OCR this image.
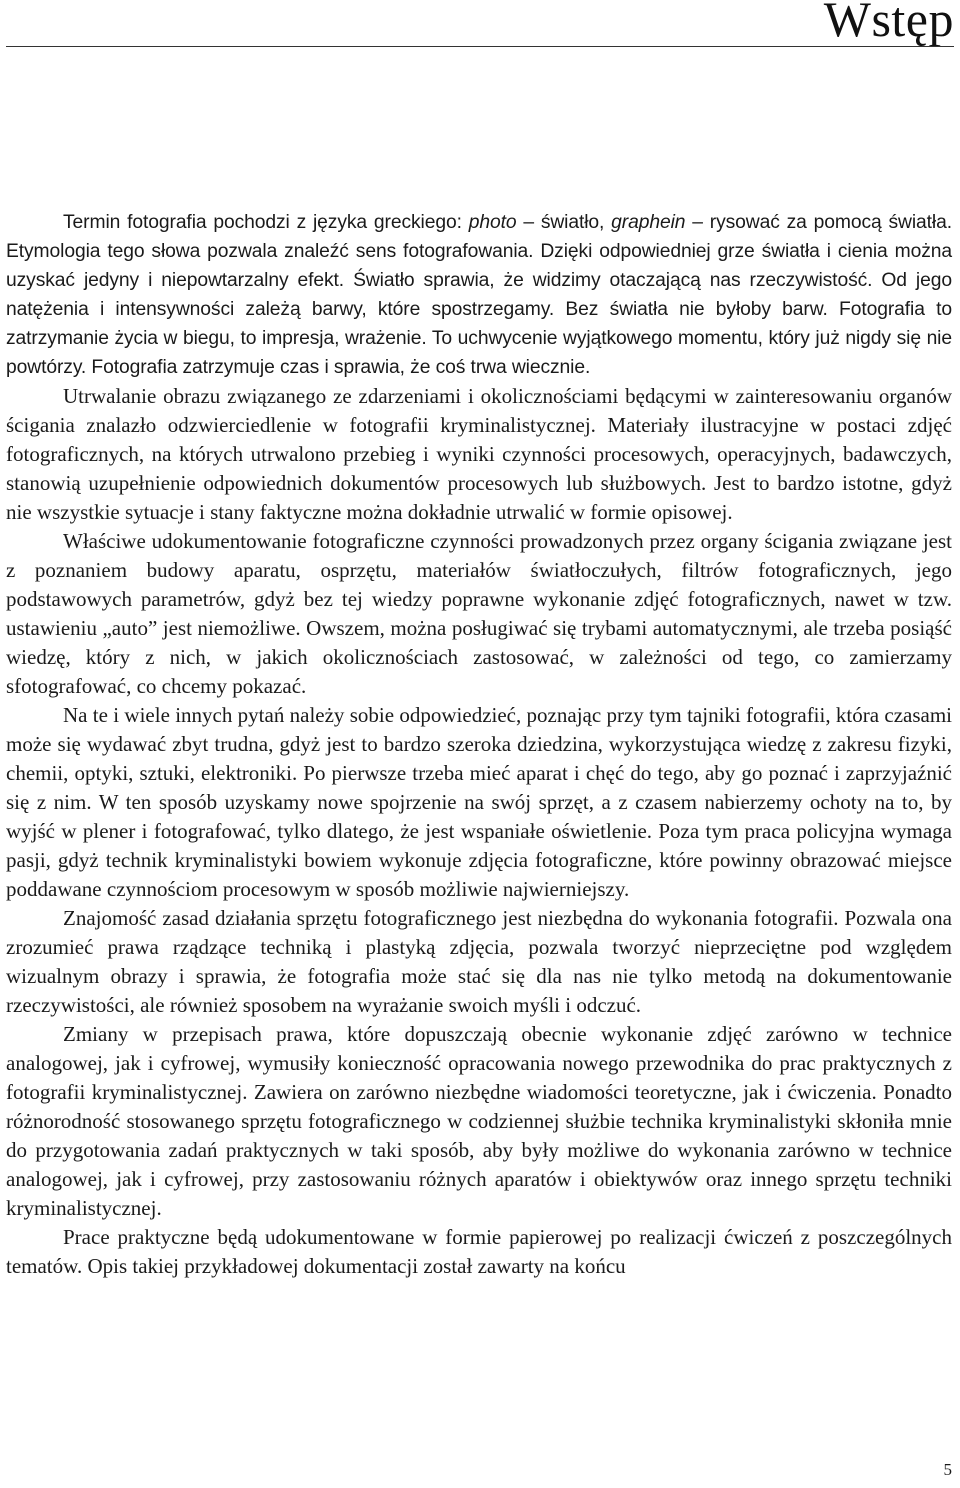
Wstęp

Termin fotografia pochodzi z języka greckiego: photo – światło, graphein – rysować za pomocą światła. Etymologia tego słowa pozwala znaleźć sens fotografowania. Dzięki odpowiedniej grze światła i cienia można uzyskać jedyny i niepowtarzalny efekt. Światło sprawia, że widzimy otaczającą nas rzeczywistość. Od jego natężenia i intensywności zależą barwy, które spostrzegamy. Bez światła nie byłoby barw. Fotografia to zatrzymanie życia w biegu, to impresja, wrażenie. To uchwycenie wyjątkowego momentu, który już nigdy się nie powtórzy. Fotografia zatrzymuje czas i sprawia, że coś trwa wiecznie.

Utrwalanie obrazu związanego ze zdarzeniami i okolicznościami będącymi w zainteresowaniu organów ścigania znalazło odzwierciedlenie w fotografii kryminalistycznej. Materiały ilustracyjne w postaci zdjęć fotograficznych, na których utrwalono przebieg i wyniki czynności procesowych, operacyjnych, badawczych, stanowią uzupełnienie odpowiednich dokumentów procesowych lub służbowych. Jest to bardzo istotne, gdyż nie wszystkie sytuacje i stany faktyczne można dokładnie utrwalić w formie opisowej.

Właściwe udokumentowanie fotograficzne czynności prowadzonych przez organy ścigania związane jest z poznaniem budowy aparatu, osprzętu, materiałów światłoczułych, filtrów fotograficznych, jego podstawowych parametrów, gdyż bez tej wiedzy poprawne wykonanie zdjęć fotograficznych, nawet w tzw. ustawieniu „auto” jest niemożliwe. Owszem, można posługiwać się trybami automatycznymi, ale trzeba posiąść wiedzę, który z nich, w jakich okolicznościach zastosować, w zależności od tego, co zamierzamy sfotografować, co chcemy pokazać.

Na te i wiele innych pytań należy sobie odpowiedzieć, poznając przy tym tajniki fotografii, która czasami może się wydawać zbyt trudna, gdyż jest to bardzo szeroka dziedzina, wykorzystująca wiedzę z zakresu fizyki, chemii, optyki, sztuki, elektroniki. Po pierwsze trzeba mieć aparat i chęć do tego, aby go poznać i zaprzyjaźnić się z nim. W ten sposób uzyskamy nowe spojrzenie na swój sprzęt, a z czasem nabierzemy ochoty na to, by wyjść w plener i fotografować, tylko dlatego, że jest wspaniałe oświetlenie. Poza tym praca policyjna wymaga pasji, gdyż technik kryminalistyki bowiem wykonuje zdjęcia fotograficzne, które powinny obrazować miejsce poddawane czynnościom procesowym w sposób możliwie najwierniejszy.

Znajomość zasad działania sprzętu fotograficznego jest niezbędna do wykonania fotografii. Pozwala ona zrozumieć prawa rządzące techniką i plastyką zdjęcia, pozwala tworzyć nieprzeciętne pod względem wizualnym obrazy i sprawia, że fotografia może stać się dla nas nie tylko metodą na dokumentowanie rzeczywistości, ale również sposobem na wyrażanie swoich myśli i odczuć.

Zmiany w przepisach prawa, które dopuszczają obecnie wykonanie zdjęć zarówno w technice analogowej, jak i cyfrowej, wymusiły konieczność opracowania nowego przewodnika do prac praktycznych z fotografii kryminalistycznej. Zawiera on zarówno niezbędne wiadomości teoretyczne, jak i ćwiczenia. Ponadto różnorodność stosowanego sprzętu fotograficznego w codziennej służbie technika kryminalistyki skłoniła mnie do przygotowania zadań praktycznych w taki sposób, aby były możliwe do wykonania zarówno w technice analogowej, jak i cyfrowej, przy zastosowaniu różnych aparatów i obiektywów oraz innego sprzętu techniki kryminalistycznej.

Prace praktyczne będą udokumentowane w formie papierowej po realizacji ćwiczeń z poszczególnych tematów. Opis takiej przykładowej dokumentacji został zawarty na końcu

5
